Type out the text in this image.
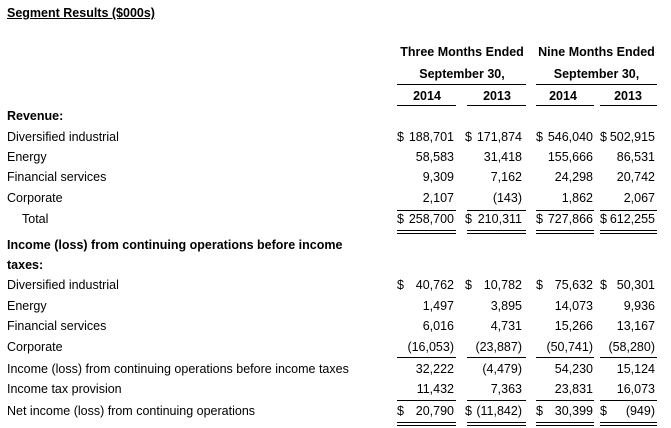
Segment Results ($000s)
Three Months Ended
September 30,
Nine Months Ended
September 30,
2014	2013	2014	2013
Revenue:
Diversified industrial	$ 188,701 $ 171,874 $ 546,040 $ 502,915
Energy	58,583 31,418 155,666 86,531
Financial services	9,309	7,162	24,298 20,742
Corporate	2,107	(143)	1,862 2,067
Total	$ 258,700 $ 210,311 $ 727,866 $ 612,255
Income (loss) from continuing operations before income
taxes:
Diversified industrial	$ 40,762 $ 10,782 $ 75,632 $ 50,301
Energy	1,497	3,895	14,073 9,936
Financial services	6,016	4,731	15,266 13,167
Corporate	(16,053) (23,887) (50,741) (58,280)
Income (loss) from continuing operations before income taxes	32,222 (4,479)	54,230 15,124
Income tax provision	11,432	7,363	23,831 16,073
Net income (loss) from continuing operations	$ 20,790 $ (11,842) $ 30,399 $ (949)
